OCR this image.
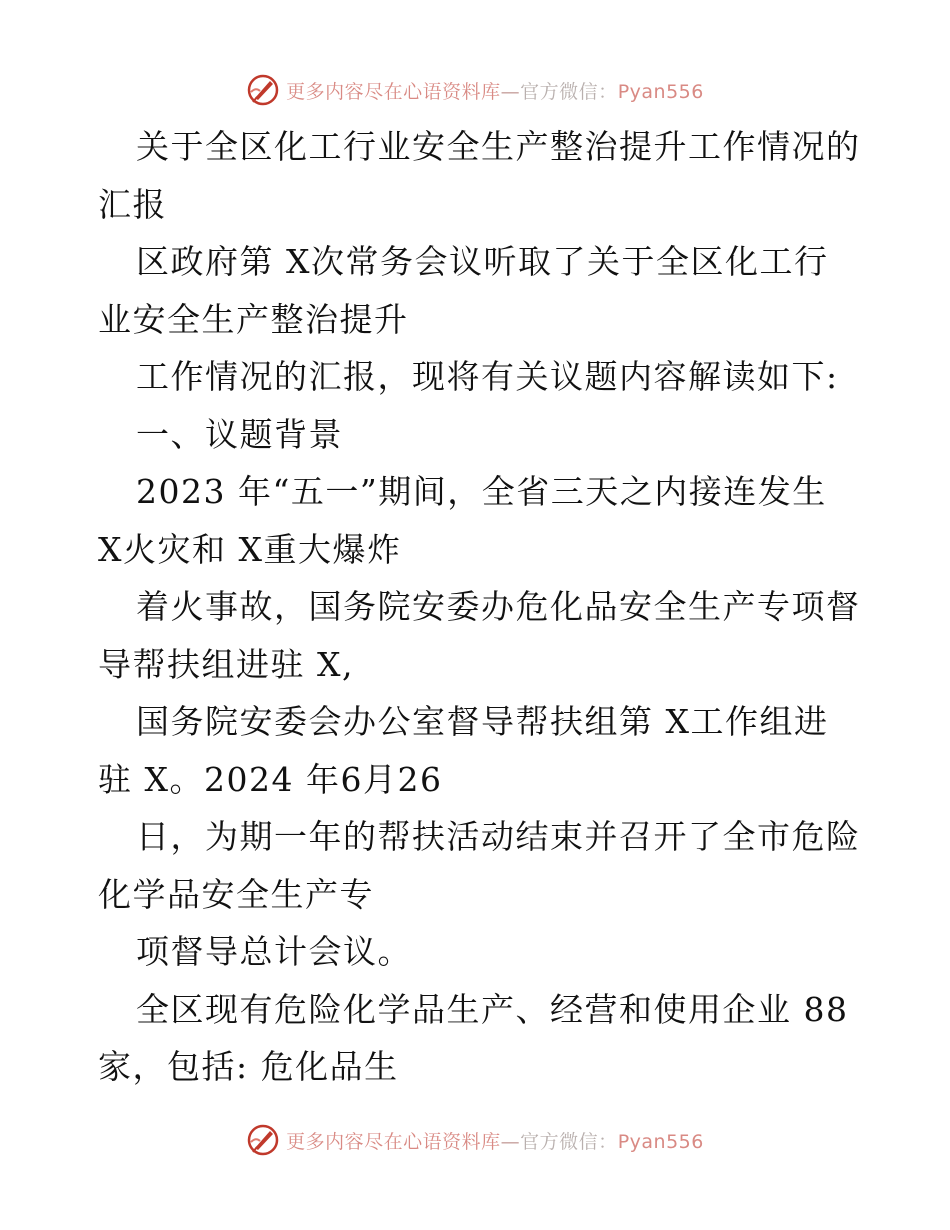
更多内容尽在心语资料库—官方微信：Pyan556
关于全区化工行业安全生产整治提升工作情况的
汇报
区政府第 X次常务会议听取了关于全区化工行
业安全生产整治提升
工作情况的汇报，现将有关议题内容解读如下:
一、议题背景
2023 年“五一”期间，全省三天之内接连发生
X火灾和 X重大爆炸
着火事故，国务院安委办危化品安全生产专项督
导帮扶组进驻 X,
国务院安委会办公室督导帮扶组第 X工作组进
驻 X。2024 年6月26
日，为期一年的帮扶活动结束并召开了全市危险
化学品安全生产专
项督导总计会议。
全区现有危险化学品生产、经营和使用企业 88
家，包括: 危化品生
更多内容尽在心语资料库—官方微信：Pyan556
